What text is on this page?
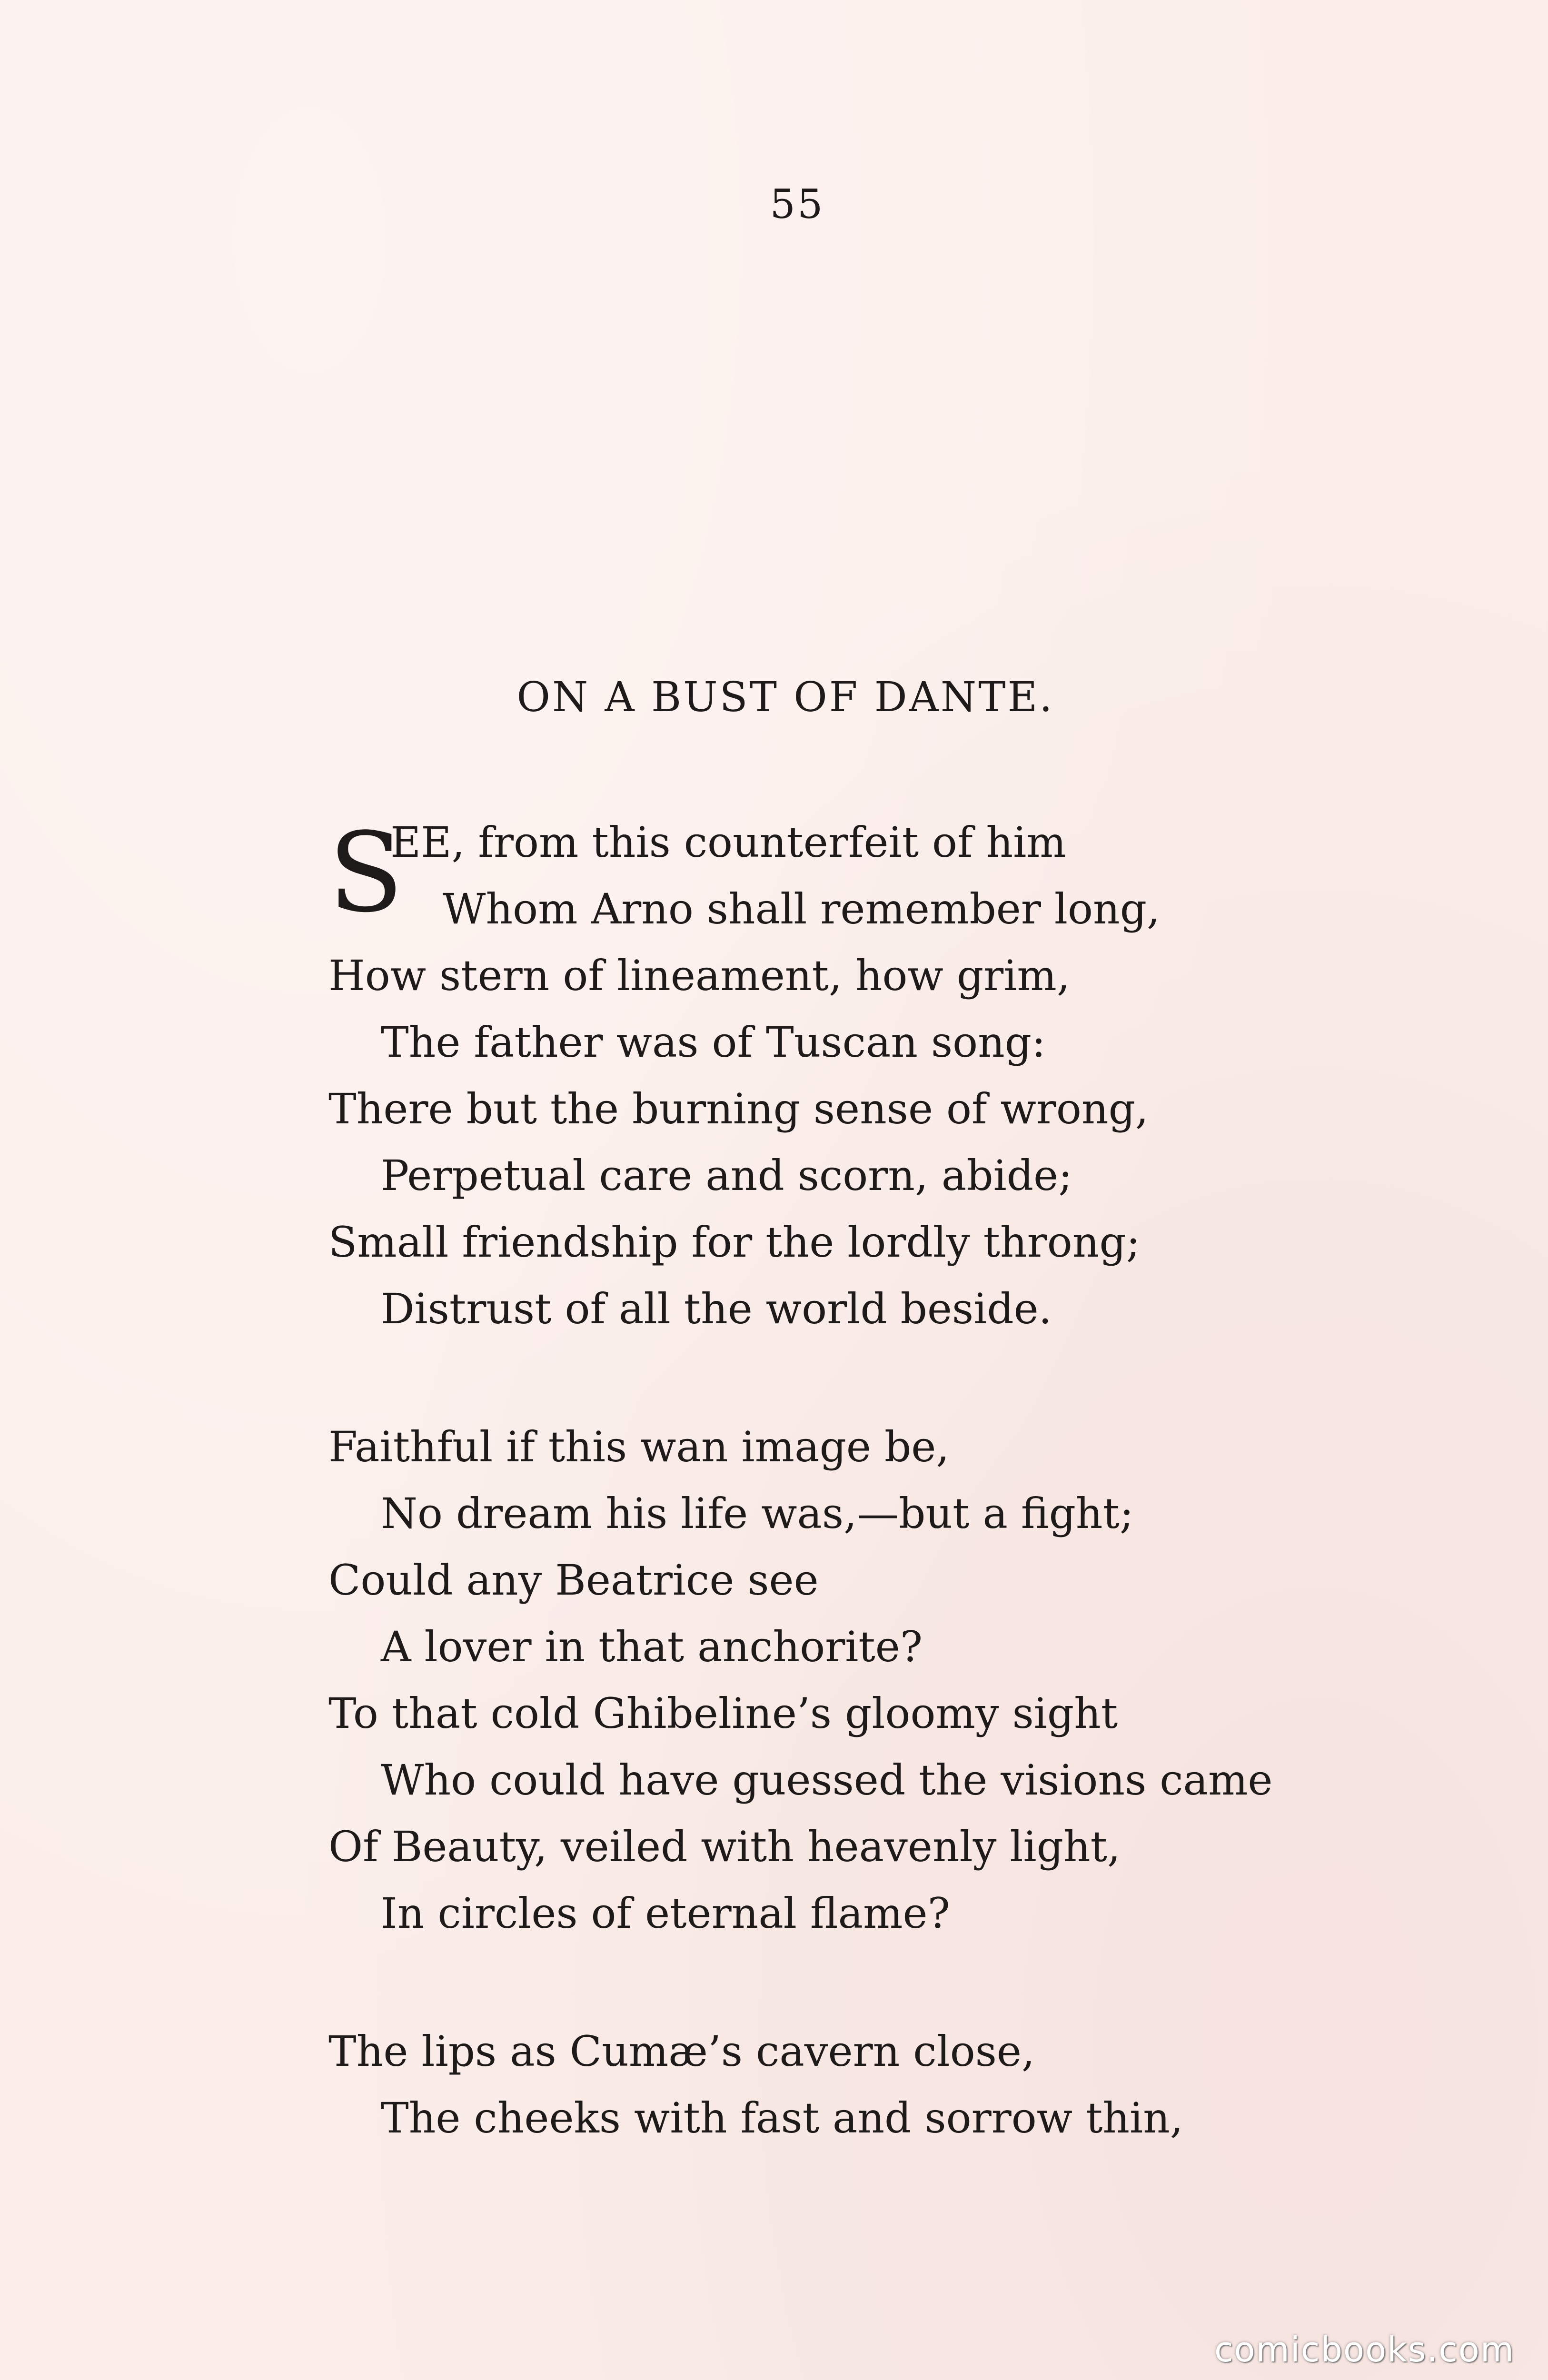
55
ON A BUST OF DANTE.
S
EE, from this counterfeit of him
Whom Arno shall remember long,
How stern of lineament, how grim,
The father was of Tuscan song:
There but the burning sense of wrong,
Perpetual care and scorn, abide;
Small friendship for the lordly throng;
Distrust of all the world beside.
Faithful if this wan image be,
No dream his life was,—but a fight;
Could any Beatrice see
A lover in that anchorite?
To that cold Ghibeline’s gloomy sight
Who could have guessed the visions came
Of Beauty, veiled with heavenly light,
In circles of eternal flame?
The lips as Cumæ’s cavern close,
The cheeks with fast and sorrow thin,
comicbooks.com
